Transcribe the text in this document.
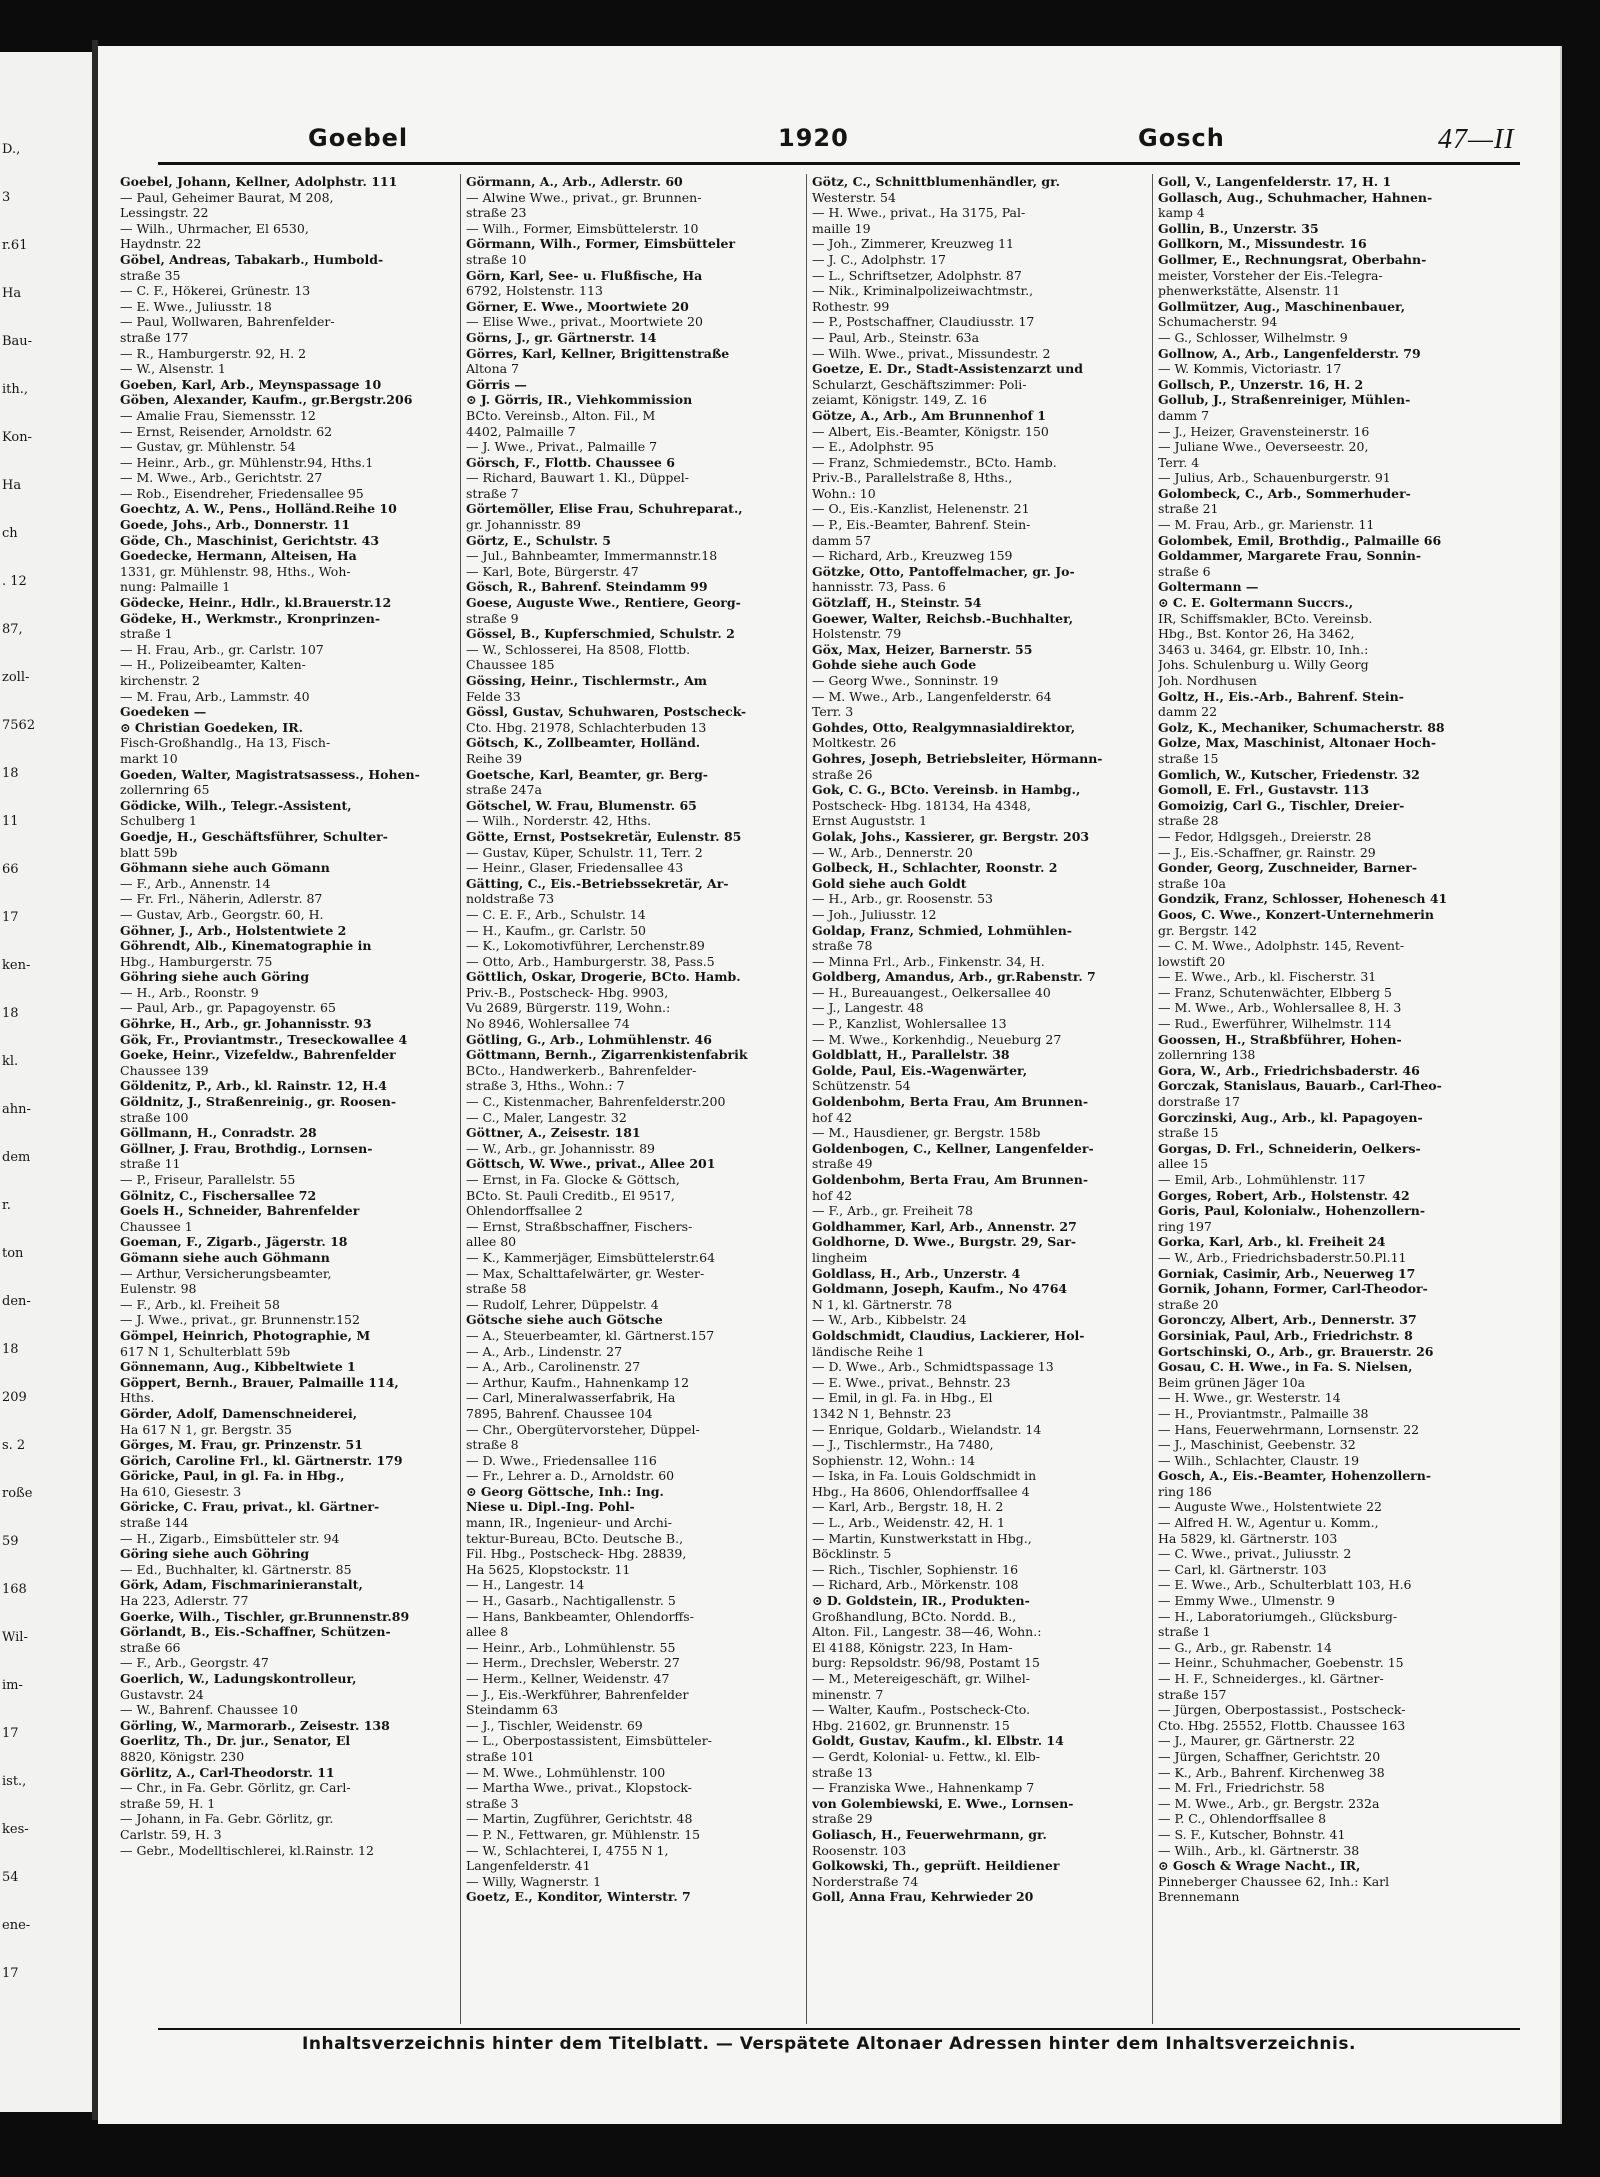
D.,
3
r.61
Ha
Bau-
ith.,
Kon-
Ha
ch
. 12
87,
zoll-
7562
18
11
66
17
ken-
18
kl.
ahn-
dem
r.
ton
den-
18
209
s. 2
roße
59
168
Wil-
im-
17
ist.,
kes-
54
ene-
17
Goebel	1920	Gosch	47—II
Goebel, Johann, Kellner, Adolphstr. 111
— Paul, Geheimer Baurat, M 208,
Lessingstr. 22
— Wilh., Uhrmacher, El 6530,
Haydnstr. 22
Göbel, Andreas, Tabakarb., Humbold-
straße 35
— C. F., Hökerei, Grünestr. 13
— E. Wwe., Juliusstr. 18
— Paul, Wollwaren, Bahrenfelder-
straße 177
— R., Hamburgerstr. 92, H. 2
— W., Alsenstr. 1
Goeben, Karl, Arb., Meynspassage 10
Göben, Alexander, Kaufm., gr.Bergstr.206
— Amalie Frau, Siemensstr. 12
— Ernst, Reisender, Arnoldstr. 62
— Gustav, gr. Mühlenstr. 54
— Heinr., Arb., gr. Mühlenstr.94, Hths.1
— M. Wwe., Arb., Gerichtstr. 27
— Rob., Eisendreher, Friedensallee 95
Goechtz, A. W., Pens., Holländ.Reihe 10
Goede, Johs., Arb., Donnerstr. 11
Göde, Ch., Maschinist, Gerichtstr. 43
Goedecke, Hermann, Alteisen, Ha
1331, gr. Mühlenstr. 98, Hths., Woh-
nung: Palmaille 1
Gödecke, Heinr., Hdlr., kl.Brauerstr.12
Gödeke, H., Werkmstr., Kronprinzen-
straße 1
— H. Frau, Arb., gr. Carlstr. 107
— H., Polizeibeamter, Kalten-
kirchenstr. 2
— M. Frau, Arb., Lammstr. 40
Goedeken —
⊙ Christian Goedeken, IR.
Fisch-Großhandlg., Ha 13, Fisch-
markt 10
Goeden, Walter, Magistratsassess., Hohen-
zollernring 65
Gödicke, Wilh., Telegr.-Assistent,
Schulberg 1
Goedje, H., Geschäftsführer, Schulter-
blatt 59b
Göhmann siehe auch Gömann
— F., Arb., Annenstr. 14
— Fr. Frl., Näherin, Adlerstr. 87
— Gustav, Arb., Georgstr. 60, H.
Göhner, J., Arb., Holstentwiete 2
Göhrendt, Alb., Kinematographie in
Hbg., Hamburgerstr. 75
Göhring siehe auch Göring
— H., Arb., Roonstr. 9
— Paul, Arb., gr. Papagoyenstr. 65
Göhrke, H., Arb., gr. Johannisstr. 93
Gök, Fr., Proviantmstr., Treseckowallee 4
Goeke, Heinr., Vizefeldw., Bahrenfelder
Chaussee 139
Göldenitz, P., Arb., kl. Rainstr. 12, H.4
Göldnitz, J., Straßenreinig., gr. Roosen-
straße 100
Göllmann, H., Conradstr. 28
Göllner, J. Frau, Brothdig., Lornsen-
straße 11
— P., Friseur, Parallelstr. 55
Gölnitz, C., Fischersallee 72
Goels H., Schneider, Bahrenfelder
Chaussee 1
Goeman, F., Zigarb., Jägerstr. 18
Gömann siehe auch Göhmann
— Arthur, Versicherungsbeamter,
Eulenstr. 98
— F., Arb., kl. Freiheit 58
— J. Wwe., privat., gr. Brunnenstr.152
Gömpel, Heinrich, Photographie, M
617 N 1, Schulterblatt 59b
Gönnemann, Aug., Kibbeltwiete 1
Göppert, Bernh., Brauer, Palmaille 114,
Hths.
Görder, Adolf, Damenschneiderei,
Ha 617 N 1, gr. Bergstr. 35
Görges, M. Frau, gr. Prinzenstr. 51
Görich, Caroline Frl., kl. Gärtnerstr. 179
Göricke, Paul, in gl. Fa. in Hbg.,
Ha 610, Giesestr. 3
Göricke, C. Frau, privat., kl. Gärtner-
straße 144
— H., Zigarb., Eimsbütteler str. 94
Göring siehe auch Göhring
— Ed., Buchhalter, kl. Gärtnerstr. 85
Görk, Adam, Fischmarinieranstalt,
Ha 223, Adlerstr. 77
Goerke, Wilh., Tischler, gr.Brunnenstr.89
Görlandt, B., Eis.-Schaffner, Schützen-
straße 66
— F., Arb., Georgstr. 47
Goerlich, W., Ladungskontrolleur,
Gustavstr. 24
— W., Bahrenf. Chaussee 10
Görling, W., Marmorarb., Zeisestr. 138
Goerlitz, Th., Dr. jur., Senator, El
8820, Königstr. 230
Görlitz, A., Carl-Theodorstr. 11
— Chr., in Fa. Gebr. Görlitz, gr. Carl-
straße 59, H. 1
— Johann, in Fa. Gebr. Görlitz, gr.
Carlstr. 59, H. 3
— Gebr., Modelltischlerei, kl.Rainstr. 12
Görmann, A., Arb., Adlerstr. 60
— Alwine Wwe., privat., gr. Brunnen-
straße 23
— Wilh., Former, Eimsbüttelerstr. 10
Görmann, Wilh., Former, Eimsbütteler
straße 10
Görn, Karl, See- u. Flußfische, Ha
6792, Holstenstr. 113
Görner, E. Wwe., Moortwiete 20
— Elise Wwe., privat., Moortwiete 20
Görns, J., gr. Gärtnerstr. 14
Görres, Karl, Kellner, Brigittenstraße
Altona 7
Görris —
⊙ J. Görris, IR., Viehkommission
BCto. Vereinsb., Alton. Fil., M
4402, Palmaille 7
— J. Wwe., Privat., Palmaille 7
Görsch, F., Flottb. Chaussee 6
— Richard, Bauwart 1. Kl., Düppel-
straße 7
Görtemöller, Elise Frau, Schuhreparat.,
gr. Johannisstr. 89
Görtz, E., Schulstr. 5
— Jul., Bahnbeamter, Immermannstr.18
— Karl, Bote, Bürgerstr. 47
Gösch, R., Bahrenf. Steindamm 99
Goese, Auguste Wwe., Rentiere, Georg-
straße 9
Gössel, B., Kupferschmied, Schulstr. 2
— W., Schlosserei, Ha 8508, Flottb.
Chaussee 185
Gössing, Heinr., Tischlermstr., Am
Felde 33
Gössl, Gustav, Schuhwaren, Postscheck-
Cto. Hbg. 21978, Schlachterbuden 13
Götsch, K., Zollbeamter, Holländ.
Reihe 39
Goetsche, Karl, Beamter, gr. Berg-
straße 247a
Götschel, W. Frau, Blumenstr. 65
— Wilh., Norderstr. 42, Hths.
Götte, Ernst, Postsekretär, Eulenstr. 85
— Gustav, Küper, Schulstr. 11, Terr. 2
— Heinr., Glaser, Friedensallee 43
Gätting, C., Eis.-Betriebssekretär, Ar-
noldstraße 73
— C. E. F., Arb., Schulstr. 14
— H., Kaufm., gr. Carlstr. 50
— K., Lokomotivführer, Lerchenstr.89
— Otto, Arb., Hamburgerstr. 38, Pass.5
Göttlich, Oskar, Drogerie, BCto. Hamb.
Priv.-B., Postscheck- Hbg. 9903,
Vu 2689, Bürgerstr. 119, Wohn.:
No 8946, Wohlersallee 74
Götling, G., Arb., Lohmühlenstr. 46
Göttmann, Bernh., Zigarrenkistenfabrik
BCto., Handwerkerb., Bahrenfelder-
straße 3, Hths., Wohn.: 7
— C., Kistenmacher, Bahrenfelderstr.200
— C., Maler, Langestr. 32
Göttner, A., Zeisestr. 181
— W., Arb., gr. Johannisstr. 89
Göttsch, W. Wwe., privat., Allee 201
— Ernst, in Fa. Glocke & Göttsch,
BCto. St. Pauli Creditb., El 9517,
Ohlendorffsallee 2
— Ernst, Straßbschaffner, Fischers-
allee 80
— K., Kammerjäger, Eimsbüttelerstr.64
— Max, Schalttafelwärter, gr. Wester-
straße 58
— Rudolf, Lehrer, Düppelstr. 4
Götsche siehe auch Götsche
— A., Steuerbeamter, kl. Gärtnerst.157
— A., Arb., Lindenstr. 27
— A., Arb., Carolinenstr. 27
— Arthur, Kaufm., Hahnenkamp 12
— Carl, Mineralwasserfabrik, Ha
7895, Bahrenf. Chaussee 104
— Chr., Obergütervorsteher, Düppel-
straße 8
— D. Wwe., Friedensallee 116
— Fr., Lehrer a. D., Arnoldstr. 60
⊙ Georg Göttsche, Inh.: Ing.
Niese u. Dipl.-Ing. Pohl-
mann, IR., Ingenieur- und Archi-
tektur-Bureau, BCto. Deutsche B.,
Fil. Hbg., Postscheck- Hbg. 28839,
Ha 5625, Klopstockstr. 11
— H., Langestr. 14
— H., Gasarb., Nachtigallenstr. 5
— Hans, Bankbeamter, Ohlendorffs-
allee 8
— Heinr., Arb., Lohmühlenstr. 55
— Herm., Drechsler, Weberstr. 27
— Herm., Kellner, Weidenstr. 47
— J., Eis.-Werkführer, Bahrenfelder
Steindamm 63
— J., Tischler, Weidenstr. 69
— L., Oberpostassistent, Eimsbütteler-
straße 101
— M. Wwe., Lohmühlenstr. 100
— Martha Wwe., privat., Klopstock-
straße 3
— Martin, Zugführer, Gerichtstr. 48
— P. N., Fettwaren, gr. Mühlenstr. 15
— W., Schlachterei, I, 4755 N 1,
Langenfelderstr. 41
— Willy, Wagnerstr. 1
Goetz, E., Konditor, Winterstr. 7
Götz, C., Schnittblumenhändler, gr.
Westerstr. 54
— H. Wwe., privat., Ha 3175, Pal-
maille 19
— Joh., Zimmerer, Kreuzweg 11
— J. C., Adolphstr. 17
— L., Schriftsetzer, Adolphstr. 87
— Nik., Kriminalpolizeiwachtmstr.,
Rothestr. 99
— P., Postschaffner, Claudiusstr. 17
— Paul, Arb., Steinstr. 63a
— Wilh. Wwe., privat., Missundestr. 2
Goetze, E. Dr., Stadt-Assistenzarzt und
Schularzt, Geschäftszimmer: Poli-
zeiamt, Königstr. 149, Z. 16
Götze, A., Arb., Am Brunnenhof 1
— Albert, Eis.-Beamter, Königstr. 150
— E., Adolphstr. 95
— Franz, Schmiedemstr., BCto. Hamb.
Priv.-B., Parallelstraße 8, Hths.,
Wohn.: 10
— O., Eis.-Kanzlist, Helenenstr. 21
— P., Eis.-Beamter, Bahrenf. Stein-
damm 57
— Richard, Arb., Kreuzweg 159
Götzke, Otto, Pantoffelmacher, gr. Jo-
hannisstr. 73, Pass. 6
Götzlaff, H., Steinstr. 54
Goewer, Walter, Reichsb.-Buchhalter,
Holstenstr. 79
Göx, Max, Heizer, Barnerstr. 55
Gohde siehe auch Gode
— Georg Wwe., Sonninstr. 19
— M. Wwe., Arb., Langenfelderstr. 64
Terr. 3
Gohdes, Otto, Realgymnasialdirektor,
Moltkestr. 26
Gohres, Joseph, Betriebsleiter, Hörmann-
straße 26
Gok, C. G., BCto. Vereinsb. in Hambg.,
Postscheck- Hbg. 18134, Ha 4348,
Ernst Auguststr. 1
Golak, Johs., Kassierer, gr. Bergstr. 203
— W., Arb., Dennerstr. 20
Golbeck, H., Schlachter, Roonstr. 2
Gold siehe auch Goldt
— H., Arb., gr. Roosenstr. 53
— Joh., Juliusstr. 12
Goldap, Franz, Schmied, Lohmühlen-
straße 78
— Minna Frl., Arb., Finkenstr. 34, H.
Goldberg, Amandus, Arb., gr.Rabenstr. 7
— H., Bureauangest., Oelkersallee 40
— J., Langestr. 48
— P., Kanzlist, Wohlersallee 13
— M. Wwe., Korkenhdig., Neueburg 27
Goldblatt, H., Parallelstr. 38
Golde, Paul, Eis.-Wagenwärter,
Schützenstr. 54
Goldenbohm, Berta Frau, Am Brunnen-
hof 42
— M., Hausdiener, gr. Bergstr. 158b
Goldenbogen, C., Kellner, Langenfelder-
straße 49
Goldenbohm, Berta Frau, Am Brunnen-
hof 42
— F., Arb., gr. Freiheit 78
Goldhammer, Karl, Arb., Annenstr. 27
Goldhorne, D. Wwe., Burgstr. 29, Sar-
lingheim
Goldlass, H., Arb., Unzerstr. 4
Goldmann, Joseph, Kaufm., No 4764
N 1, kl. Gärtnerstr. 78
— W., Arb., Kibbelstr. 24
Goldschmidt, Claudius, Lackierer, Hol-
ländische Reihe 1
— D. Wwe., Arb., Schmidtspassage 13
— E. Wwe., privat., Behnstr. 23
— Emil, in gl. Fa. in Hbg., El
1342 N 1, Behnstr. 23
— Enrique, Goldarb., Wielandstr. 14
— J., Tischlermstr., Ha 7480,
Sophienstr. 12, Wohn.: 14
— Iska, in Fa. Louis Goldschmidt in
Hbg., Ha 8606, Ohlendorffsallee 4
— Karl, Arb., Bergstr. 18, H. 2
— L., Arb., Weidenstr. 42, H. 1
— Martin, Kunstwerkstatt in Hbg.,
Böcklinstr. 5
— Rich., Tischler, Sophienstr. 16
— Richard, Arb., Mörkenstr. 108
⊙ D. Goldstein, IR., Produkten-
Großhandlung, BCto. Nordd. B.,
Alton. Fil., Langestr. 38—46, Wohn.:
El 4188, Königstr. 223, In Ham-
burg: Repsoldstr. 96/98, Postamt 15
— M., Metereigeschäft, gr. Wilhel-
minenstr. 7
— Walter, Kaufm., Postscheck-Cto.
Hbg. 21602, gr. Brunnenstr. 15
Goldt, Gustav, Kaufm., kl. Elbstr. 14
— Gerdt, Kolonial- u. Fettw., kl. Elb-
straße 13
— Franziska Wwe., Hahnenkamp 7
von Golembiewski, E. Wwe., Lornsen-
straße 29
Goliasch, H., Feuerwehrmann, gr.
Roosenstr. 103
Golkowski, Th., geprüft. Heildiener
Norderstraße 74
Goll, Anna Frau, Kehrwieder 20
Goll, V., Langenfelderstr. 17, H. 1
Gollasch, Aug., Schuhmacher, Hahnen-
kamp 4
Gollin, B., Unzerstr. 35
Gollkorn, M., Missundestr. 16
Gollmer, E., Rechnungsrat, Oberbahn-
meister, Vorsteher der Eis.-Telegra-
phenwerkstätte, Alsenstr. 11
Gollmützer, Aug., Maschinenbauer,
Schumacherstr. 94
— G., Schlosser, Wilhelmstr. 9
Gollnow, A., Arb., Langenfelderstr. 79
— W. Kommis, Victoriastr. 17
Gollsch, P., Unzerstr. 16, H. 2
Gollub, J., Straßenreiniger, Mühlen-
damm 7
— J., Heizer, Gravensteinerstr. 16
— Juliane Wwe., Oeverseestr. 20,
Terr. 4
— Julius, Arb., Schauenburgerstr. 91
Golombeck, C., Arb., Sommerhuder-
straße 21
— M. Frau, Arb., gr. Marienstr. 11
Golombek, Emil, Brothdig., Palmaille 66
Goldammer, Margarete Frau, Sonnin-
straße 6
Goltermann —
⊙ C. E. Goltermann Succrs.,
IR, Schiffsmakler, BCto. Vereinsb.
Hbg., Bst. Kontor 26, Ha 3462,
3463 u. 3464, gr. Elbstr. 10, Inh.:
Johs. Schulenburg u. Willy Georg
Joh. Nordhusen
Goltz, H., Eis.-Arb., Bahrenf. Stein-
damm 22
Golz, K., Mechaniker, Schumacherstr. 88
Golze, Max, Maschinist, Altonaer Hoch-
straße 15
Gomlich, W., Kutscher, Friedenstr. 32
Gomoll, E. Frl., Gustavstr. 113
Gomoizig, Carl G., Tischler, Dreier-
straße 28
— Fedor, Hdlgsgeh., Dreierstr. 28
— J., Eis.-Schaffner, gr. Rainstr. 29
Gonder, Georg, Zuschneider, Barner-
straße 10a
Gondzik, Franz, Schlosser, Hohenesch 41
Goos, C. Wwe., Konzert-Unternehmerin
gr. Bergstr. 142
— C. M. Wwe., Adolphstr. 145, Revent-
lowstift 20
— E. Wwe., Arb., kl. Fischerstr. 31
— Franz, Schutenwächter, Elbberg 5
— M. Wwe., Arb., Wohlersallee 8, H. 3
— Rud., Ewerführer, Wilhelmstr. 114
Goossen, H., Straßbführer, Hohen-
zollernring 138
Gora, W., Arb., Friedrichsbaderstr. 46
Gorczak, Stanislaus, Bauarb., Carl-Theo-
dorstraße 17
Gorczinski, Aug., Arb., kl. Papagoyen-
straße 15
Gorgas, D. Frl., Schneiderin, Oelkers-
allee 15
— Emil, Arb., Lohmühlenstr. 117
Gorges, Robert, Arb., Holstenstr. 42
Goris, Paul, Kolonialw., Hohenzollern-
ring 197
Gorka, Karl, Arb., kl. Freiheit 24
— W., Arb., Friedrichsbaderstr.50.Pl.11
Gorniak, Casimir, Arb., Neuerweg 17
Gornik, Johann, Former, Carl-Theodor-
straße 20
Goronczy, Albert, Arb., Dennerstr. 37
Gorsiniak, Paul, Arb., Friedrichstr. 8
Gortschinski, O., Arb., gr. Brauerstr. 26
Gosau, C. H. Wwe., in Fa. S. Nielsen,
Beim grünen Jäger 10a
— H. Wwe., gr. Westerstr. 14
— H., Proviantmstr., Palmaille 38
— Hans, Feuerwehrmann, Lornsenstr. 22
— J., Maschinist, Geebenstr. 32
— Wilh., Schlachter, Claustr. 19
Gosch, A., Eis.-Beamter, Hohenzollern-
ring 186
— Auguste Wwe., Holstentwiete 22
— Alfred H. W., Agentur u. Komm.,
Ha 5829, kl. Gärtnerstr. 103
— C. Wwe., privat., Juliusstr. 2
— Carl, kl. Gärtnerstr. 103
— E. Wwe., Arb., Schulterblatt 103, H.6
— Emmy Wwe., Ulmenstr. 9
— H., Laboratoriumgeh., Glücksburg-
straße 1
— G., Arb., gr. Rabenstr. 14
— Heinr., Schuhmacher, Goebenstr. 15
— H. F., Schneiderges., kl. Gärtner-
straße 157
— Jürgen, Oberpostassist., Postscheck-
Cto. Hbg. 25552, Flottb. Chaussee 163
— J., Maurer, gr. Gärtnerstr. 22
— Jürgen, Schaffner, Gerichtstr. 20
— K., Arb., Bahrenf. Kirchenweg 38
— M. Frl., Friedrichstr. 58
— M. Wwe., Arb., gr. Bergstr. 232a
— P. C., Ohlendorffsallee 8
— S. F., Kutscher, Bohnstr. 41
— Wilh., Arb., kl. Gärtnerstr. 38
⊙ Gosch & Wrage Nacht., IR,
Pinneberger Chaussee 62, Inh.: Karl
Brennemann
Inhaltsverzeichnis hinter dem Titelblatt. — Verspätete Altonaer Adressen hinter dem Inhaltsverzeichnis.
